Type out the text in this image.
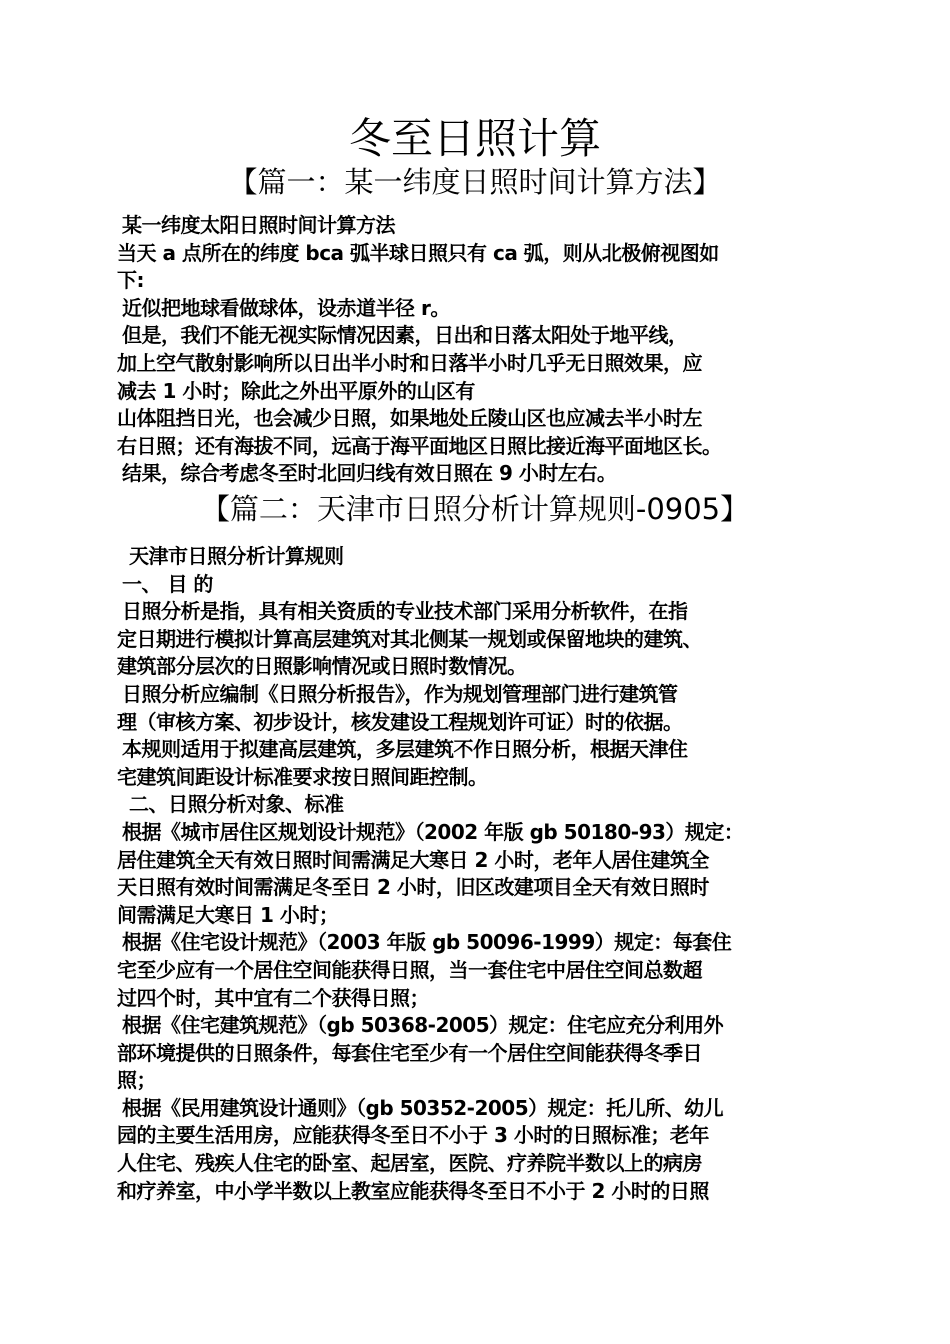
冬至日照计算
【篇一：某一纬度日照时间计算方法】
某一纬度太阳日照时间计算方法
当天 a 点所在的纬度 bca 弧半球日照只有 ca 弧，则从北极俯视图如
下:
近似把地球看做球体，设赤道半径 r。
但是，我们不能无视实际情况因素，日出和日落太阳处于地平线，
加上空气散射影响所以日出半小时和日落半小时几乎无日照效果，应
减去 1 小时；除此之外出平原外的山区有
山体阻挡日光，也会减少日照，如果地处丘陵山区也应减去半小时左
右日照；还有海拔不同，远高于海平面地区日照比接近海平面地区长。
结果，综合考虑冬至时北回归线有效日照在 9 小时左右。
【篇二：天津市日照分析计算规则-0905】
天津市日照分析计算规则
一、 目 的
日照分析是指，具有相关资质的专业技术部门采用分析软件，在指
定日期进行模拟计算高层建筑对其北侧某一规划或保留地块的建筑、
建筑部分层次的日照影响情况或日照时数情况。
日照分析应编制《日照分析报告》，作为规划管理部门进行建筑管
理（审核方案、初步设计，核发建设工程规划许可证）时的依据。
本规则适用于拟建高层建筑，多层建筑不作日照分析，根据天津住
宅建筑间距设计标准要求按日照间距控制。
二、日照分析对象、标准
根据《城市居住区规划设计规范》（2002 年版 gb 50180-93）规定：
居住建筑全天有效日照时间需满足大寒日 2 小时，老年人居住建筑全
天日照有效时间需满足冬至日 2 小时，旧区改建项目全天有效日照时
间需满足大寒日 1 小时；
根据《住宅设计规范》（2003 年版 gb 50096-1999）规定：每套住
宅至少应有一个居住空间能获得日照，当一套住宅中居住空间总数超
过四个时，其中宜有二个获得日照；
根据《住宅建筑规范》（gb 50368-2005）规定：住宅应充分利用外
部环境提供的日照条件，每套住宅至少有一个居住空间能获得冬季日
照；
根据《民用建筑设计通则》（gb 50352-2005）规定：托儿所、幼儿
园的主要生活用房，应能获得冬至日不小于 3 小时的日照标准；老年
人住宅、残疾人住宅的卧室、起居室，医院、疗养院半数以上的病房
和疗养室，中小学半数以上教室应能获得冬至日不小于 2 小时的日照
